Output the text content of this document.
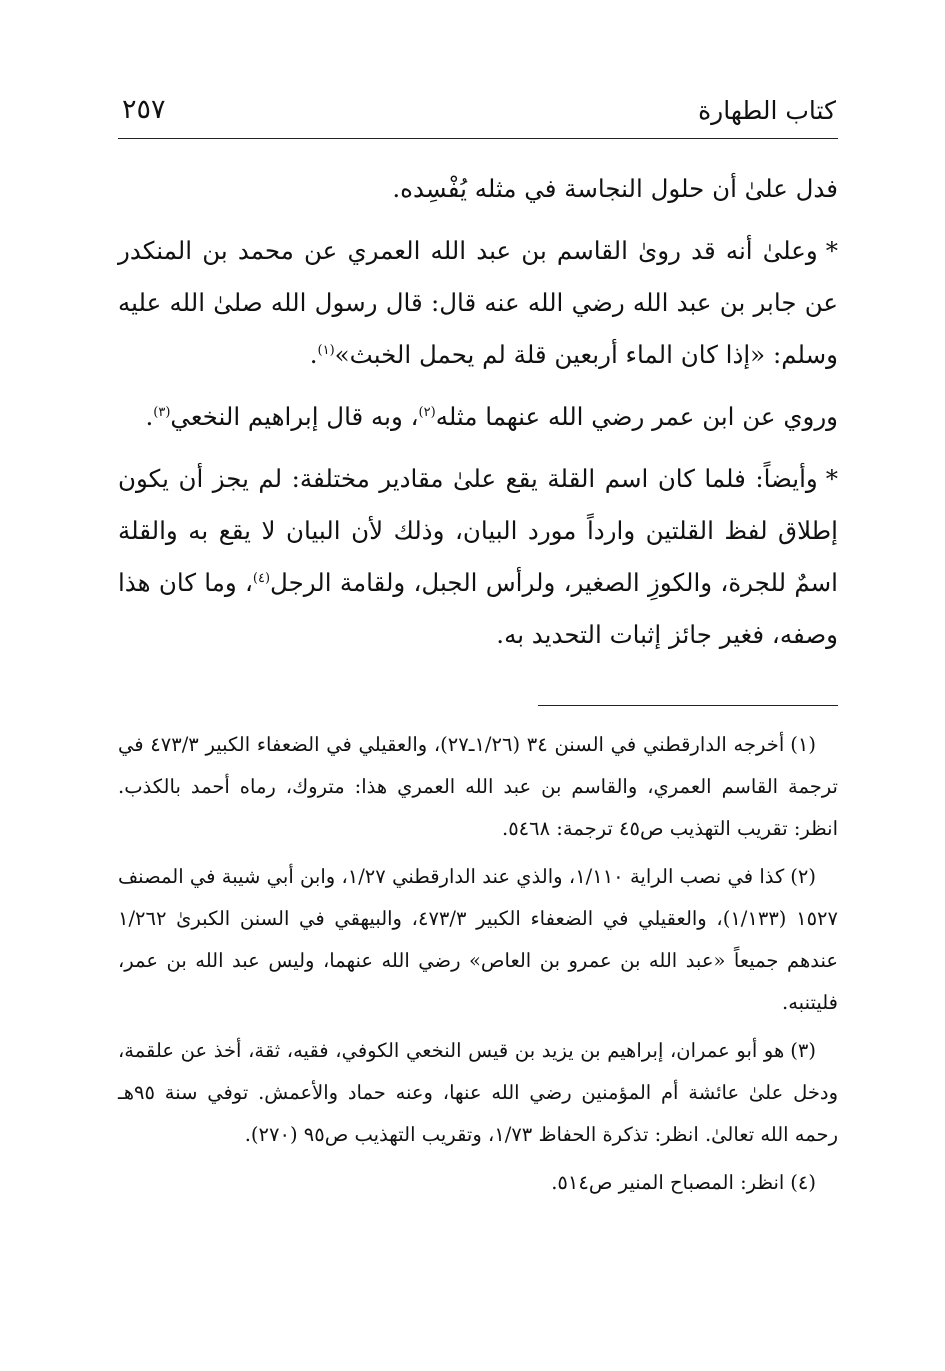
كتاب الطهارة
٢٥٧

فدل علىٰ أن حلول النجاسة في مثله يُفْسِده.

*وعلىٰ أنه قد روىٰ القاسم بن عبد الله العمري عن محمد بن المنكدر عن جابر بن عبد الله رضي الله عنه قال: قال رسول الله صلىٰ الله عليه وسلم: «إذا كان الماء أربعين قلة لم يحمل الخبث»$^{(١)}$.

وروي عن ابن عمر رضي الله عنهما مثله$^{(٢)}$، وبه قال إبراهيم النخعي$^{(٣)}$.

*وأيضاً: فلما كان اسم القلة يقع علىٰ مقادير مختلفة: لم يجز أن يكون إطلاق لفظ القلتين وارداً مورد البيان، وذلك لأن البيان لا يقع به والقلة اسمٌ للجرة، والكوزِ الصغير، ولرأس الجبل، ولقامة الرجل$^{(٤)}$، وما كان هذا وصفه، فغير جائز إثبات التحديد به.

(١)أخرجه الدارقطني في السنن ٣٤ (١/٢٦ـ٢٧)، والعقيلي في الضعفاء الكبير ٤٧٣/٣ في ترجمة القاسم العمري، والقاسم بن عبد الله العمري هذا: متروك، رماه أحمد بالكذب. انظر: تقريب التهذيب ص٤٥ ترجمة: ٥٤٦٨.

(٢)كذا في نصب الراية ١/١١٠، والذي عند الدارقطني ١/٢٧، وابن أبي شيبة في المصنف ١٥٢٧ (١/١٣٣)، والعقيلي في الضعفاء الكبير ٤٧٣/٣، والبيهقي في السنن الكبرىٰ ١/٢٦٢ عندهم جميعاً «عبد الله بن عمرو بن العاص» رضي الله عنهما، وليس عبد الله بن عمر، فليتنبه.

(٣)هو أبو عمران، إبراهيم بن يزيد بن قيس النخعي الكوفي، فقيه، ثقة، أخذ عن علقمة، ودخل علىٰ عائشة أم المؤمنين رضي الله عنها، وعنه حماد والأعمش. توفي سنة ٩٥هـ رحمه الله تعالىٰ. انظر: تذكرة الحفاظ ١/٧٣، وتقريب التهذيب ص٩٥ (٢٧٠).

(٤)انظر: المصباح المنير ص٥١٤.
